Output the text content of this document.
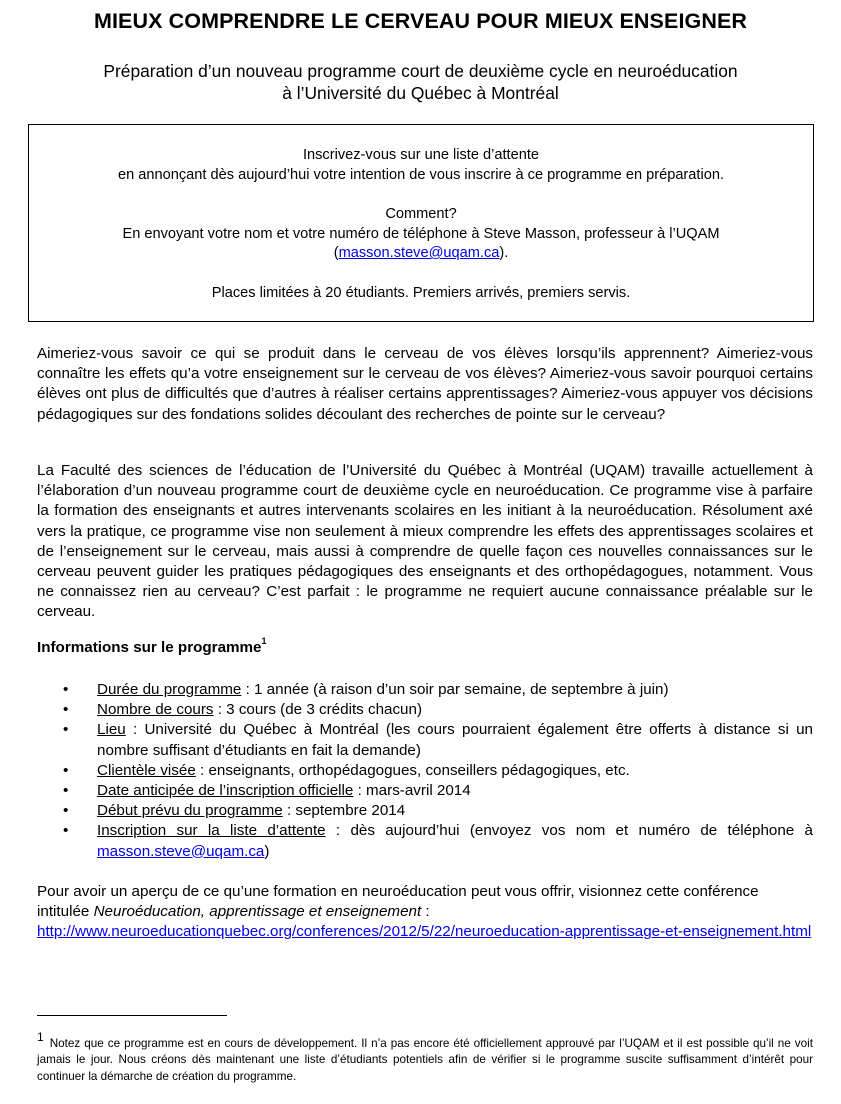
MIEUX COMPRENDRE LE CERVEAU POUR MIEUX ENSEIGNER
Préparation d’un nouveau programme court de deuxième cycle en neuroéducation
à l’Université du Québec à Montréal

Inscrivez-vous sur une liste d’attente

en annonçant dès aujourd’hui votre intention de vous inscrire à ce programme en préparation.

Comment?

En envoyant votre nom et votre numéro de téléphone à Steve Masson, professeur à l’UQAM

(masson.steve@uqam.ca).

Places limitées à 20 étudiants. Premiers arrivés, premiers servis.

Aimeriez-vous savoir ce qui se produit dans le cerveau de vos élèves lorsqu’ils apprennent? Aimeriez-vous connaître les effets qu’a votre enseignement sur le cerveau de vos élèves? Aimeriez-vous savoir pourquoi certains élèves ont plus de difficultés que d’autres à réaliser certains apprentissages? Aimeriez-vous appuyer vos décisions pédagogiques sur des fondations solides découlant des recherches de pointe sur le cerveau?
La Faculté des sciences de l’éducation de l’Université du Québec à Montréal (UQAM) travaille actuellement à l’élaboration d’un nouveau programme court de deuxième cycle en neuroéducation. Ce programme vise à parfaire la formation des enseignants et autres intervenants scolaires en les initiant à la neuroéducation. Résolument axé vers la pratique, ce programme vise non seulement à mieux comprendre les effets des apprentissages scolaires et de l’enseignement sur le cerveau, mais aussi à comprendre de quelle façon ces nouvelles connaissances sur le cerveau peuvent guider les pratiques pédagogiques des enseignants et des orthopédagogues, notamment. Vous ne connaissez rien au cerveau? C’est parfait : le programme ne requiert aucune connaissance préalable sur le cerveau.
Informations sur le programme$^1$
• Durée du programme : 1 année (à raison d’un soir par semaine, de septembre à juin)
• Nombre de cours : 3 cours (de 3 crédits chacun)
• Lieu : Université du Québec à Montréal (les cours pourraient également être offerts à distance si un nombre suffisant d’étudiants en fait la demande)
• Clientèle visée : enseignants, orthopédagogues, conseillers pédagogiques, etc.
• Date anticipée de l’inscription officielle : mars-avril 2014
• Début prévu du programme : septembre 2014
• Inscription sur la liste d’attente : dès aujourd’hui (envoyez vos nom et numéro de téléphone à masson.steve@uqam.ca)
Pour avoir un aperçu de ce qu’une formation en neuroéducation peut vous offrir, visionnez cette conférence intitulée Neuroéducation, apprentissage et enseignement :
http://www.neuroeducationquebec.org/conferences/2012/5/22/neuroeducation-apprentissage-et-enseignement.html
$^1$ Notez que ce programme est en cours de développement. Il n’a pas encore été officiellement approuvé par l’UQAM et il est possible qu’il ne voit jamais le jour. Nous créons dès maintenant une liste d’étudiants potentiels afin de vérifier si le programme suscite suffisamment d’intérêt pour continuer la démarche de création du programme.
